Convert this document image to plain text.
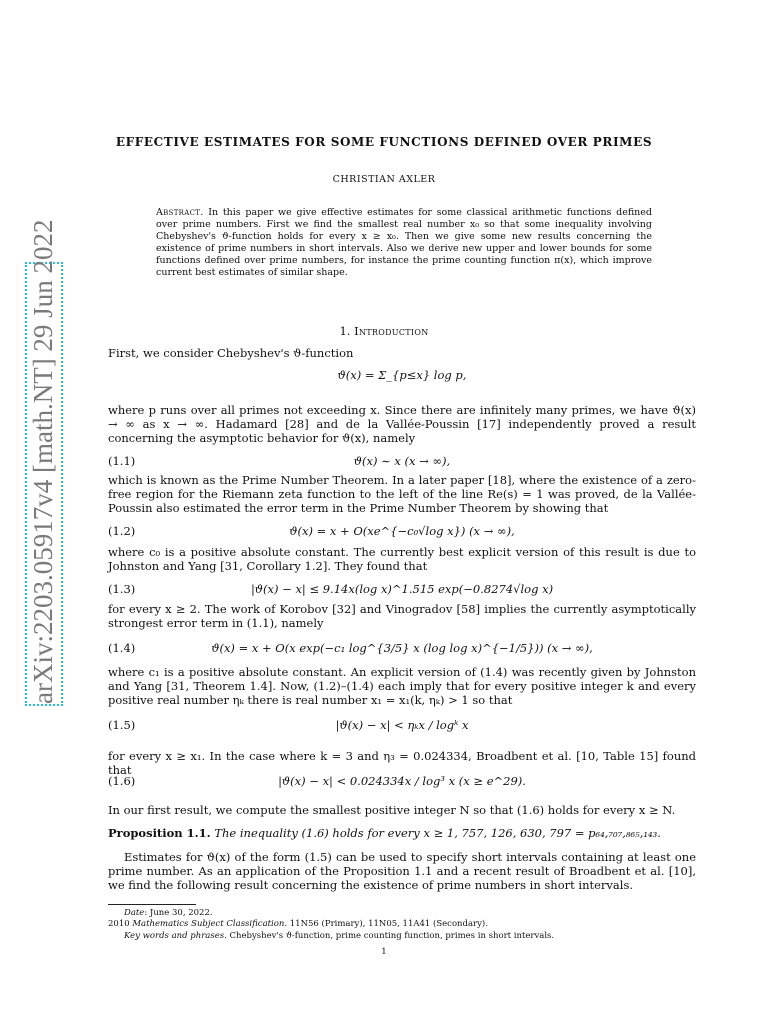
arXiv:2203.05917v4 [math.NT] 29 Jun 2022
EFFECTIVE ESTIMATES FOR SOME FUNCTIONS DEFINED OVER PRIMES
CHRISTIAN AXLER
Abstract. In this paper we give effective estimates for some classical arithmetic functions defined over prime numbers. First we find the smallest real number x₀ so that some inequality involving Chebyshev's ϑ-function holds for every x ≥ x₀. Then we give some new results concerning the existence of prime numbers in short intervals. Also we derive new upper and lower bounds for some functions defined over prime numbers, for instance the prime counting function π(x), which improve current best estimates of similar shape.
1. Introduction
First, we consider Chebyshev's ϑ-function
ϑ(x) = Σ_{p≤x} log p,
where p runs over all primes not exceeding x. Since there are infinitely many primes, we have ϑ(x) → ∞ as x → ∞. Hadamard [28] and de la Vallée-Poussin [17] independently proved a result concerning the asymptotic behavior for ϑ(x), namely
(1.1)	ϑ(x) ∼ x (x → ∞),
which is known as the Prime Number Theorem. In a later paper [18], where the existence of a zero-free region for the Riemann zeta function to the left of the line Re(s) = 1 was proved, de la Vallée-Poussin also estimated the error term in the Prime Number Theorem by showing that
(1.2)	ϑ(x) = x + O(xe^{−c₀√log x}) (x → ∞),
where c₀ is a positive absolute constant. The currently best explicit version of this result is due to Johnston and Yang [31, Corollary 1.2]. They found that
(1.3)	|ϑ(x) − x| ≤ 9.14x(log x)^1.515 exp(−0.8274√log x)
for every x ≥ 2. The work of Korobov [32] and Vinogradov [58] implies the currently asymptotically strongest error term in (1.1), namely
(1.4)	ϑ(x) = x + O(x exp(−c₁ log^{3/5} x (log log x)^{−1/5})) (x → ∞),
where c₁ is a positive absolute constant. An explicit version of (1.4) was recently given by Johnston and Yang [31, Theorem 1.4]. Now, (1.2)–(1.4) each imply that for every positive integer k and every positive real number ηₖ there is real number x₁ = x₁(k, ηₖ) > 1 so that
(1.5)	|ϑ(x) − x| < ηₖx / logᵏ x
for every x ≥ x₁. In the case where k = 3 and η₃ = 0.024334, Broadbent et al. [10, Table 15] found that
(1.6)	|ϑ(x) − x| < 0.024334x / log³ x (x ≥ e^29).
In our first result, we compute the smallest positive integer N so that (1.6) holds for every x ≥ N.
Proposition 1.1. The inequality (1.6) holds for every x ≥ 1, 757, 126, 630, 797 = p₆₄,₇₀₇,₈₆₅,₁₄₃.
Estimates for ϑ(x) of the form (1.5) can be used to specify short intervals containing at least one prime number. As an application of the Proposition 1.1 and a recent result of Broadbent et al. [10], we find the following result concerning the existence of prime numbers in short intervals.
Date: June 30, 2022.
2010 Mathematics Subject Classification. 11N56 (Primary), 11N05, 11A41 (Secondary).
Key words and phrases. Chebyshev's ϑ-function, prime counting function, primes in short intervals.
1
